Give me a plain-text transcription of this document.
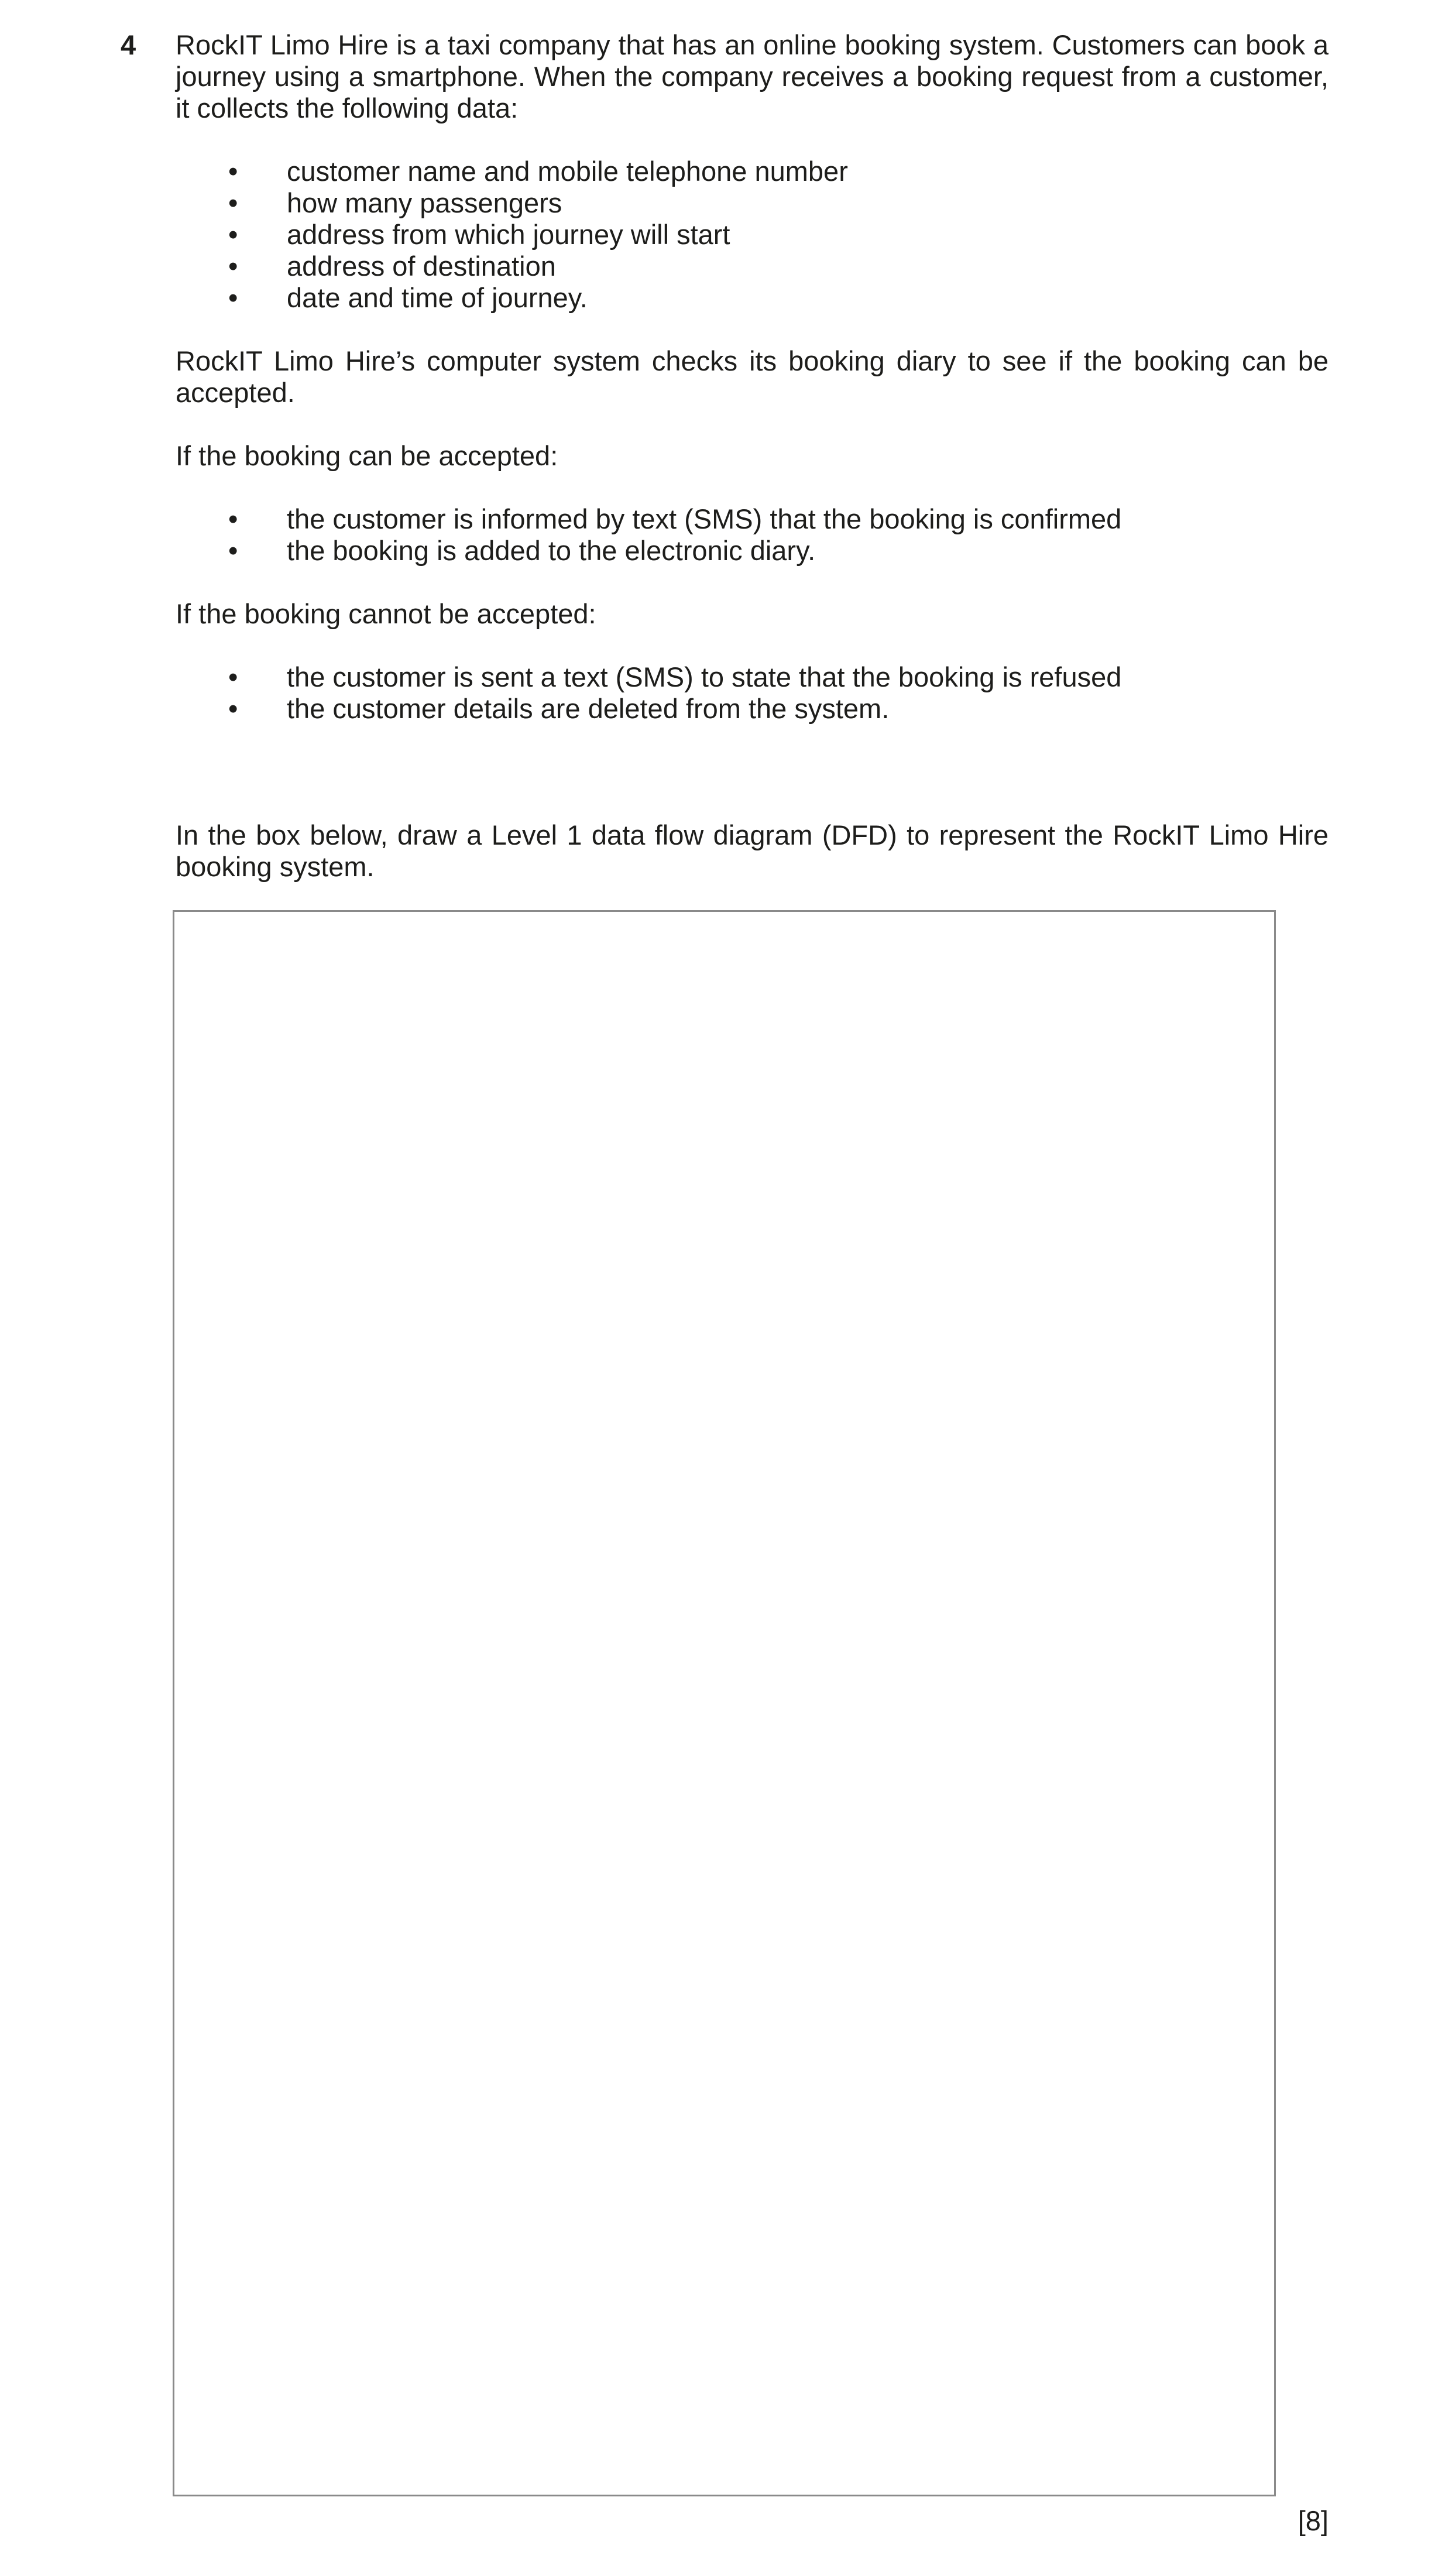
4 RockIT Limo Hire is a taxi company that has an online booking system. Customers can book a journey using a smartphone. When the company receives a booking request from a customer, it collects the following data:

• customer name and mobile telephone number
• how many passengers
• address from which journey will start
• address of destination
• date and time of journey.

RockIT Limo Hire’s computer system checks its booking diary to see if the booking can be accepted.

If the booking can be accepted:

• the customer is informed by text (SMS) that the booking is confirmed
• the booking is added to the electronic diary.

If the booking cannot be accepted:

• the customer is sent a text (SMS) to state that the booking is refused
• the customer details are deleted from the system.

In the box below, draw a Level 1 data flow diagram (DFD) to represent the RockIT Limo Hire booking system.

[8]
